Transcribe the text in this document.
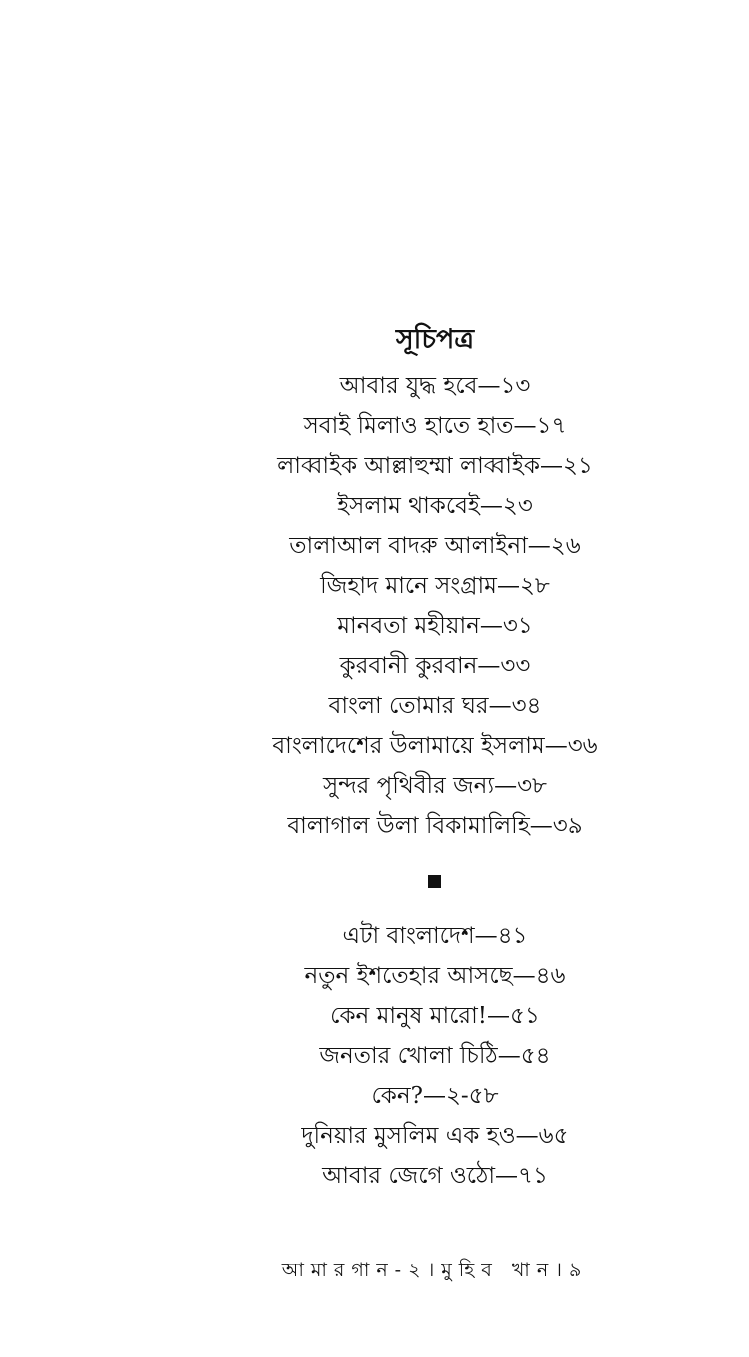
সূচিপত্র
আবার যুদ্ধ হবে—১৩
সবাই মিলাও হাতে হাত—১৭
লাব্বাইক আল্লাহুম্মা লাব্বাইক—২১
ইসলাম থাকবেই—২৩
তালাআল বাদরু আলাইনা—২৬
জিহাদ মানে সংগ্রাম—২৮
মানবতা মহীয়ান—৩১
কুরবানী কুরবান—৩৩
বাংলা তোমার ঘর—৩৪
বাংলাদেশের উলামায়ে ইসলাম—৩৬
সুন্দর পৃথিবীর জন্য—৩৮
বালাগাল উলা বিকামালিহি—৩৯
এটা বাংলাদেশ—৪১
নতুন ইশতেহার আসছে—৪৬
কেন মানুষ মারো!—৫১
জনতার খোলা চিঠি—৫৪
কেন?—২-৫৮
দুনিয়ার মুসলিম এক হও—৬৫
আবার জেগে ওঠো—৭১
আমারগান-২।মুহিব খান।৯
